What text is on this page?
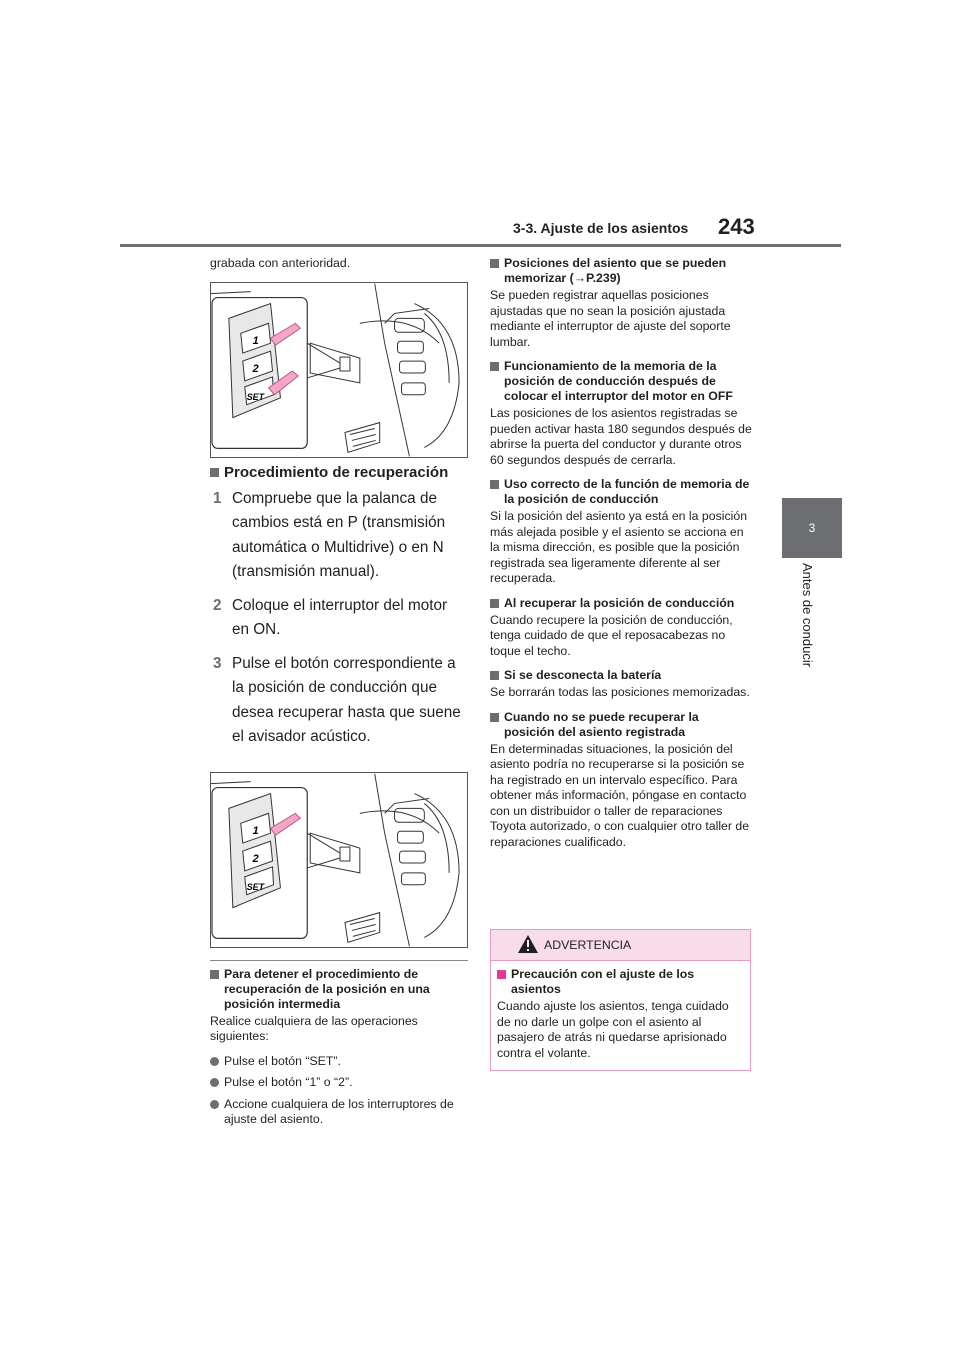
3-3. Ajuste de los asientos 243
3
Antes de conducir

grabada con anterioridad.

1
2
SET
Procedimiento de recuperación
1 Compruebe que la palanca de cambios está en P (transmisión automática o Multidrive) o en N (transmisión manual).
2 Coloque el interruptor del motor en ON.
3 Pulse el botón correspondiente a la posición de conducción que desea recuperar hasta que suene el avisador acústico.
1
2
SET
Para detener el procedimiento de recuperación de la posición en una posición intermedia

Realice cualquiera de las operaciones siguientes:

Pulse el botón “SET”.
Pulse el botón “1” o “2”.
Accione cualquiera de los interruptores de ajuste del asiento.
Posiciones del asiento que se pueden memorizar (→P.239)

Se pueden registrar aquellas posiciones ajustadas que no sean la posición ajustada mediante el interruptor de ajuste del soporte lumbar.

Funcionamiento de la memoria de la posición de conducción después de colocar el interruptor del motor en OFF

Las posiciones de los asientos registradas se pueden activar hasta 180 segundos después de abrirse la puerta del conductor y durante otros 60 segundos después de cerrarla.

Uso correcto de la función de memoria de la posición de conducción

Si la posición del asiento ya está en la posición más alejada posible y el asiento se acciona en la misma dirección, es posible que la posición registrada sea ligeramente diferente al ser recuperada.

Al recuperar la posición de conducción

Cuando recupere la posición de conducción, tenga cuidado de que el reposacabezas no toque el techo.

Si se desconecta la batería

Se borrarán todas las posiciones memorizadas.

Cuando no se puede recuperar la posición del asiento registrada

En determinadas situaciones, la posición del asiento podría no recuperarse si la posición se ha registrado en un intervalo específico. Para obtener más información, póngase en contacto con un distribuidor o taller de reparaciones Toyota autorizado, o con cualquier otro taller de reparaciones cualificado.

ADVERTENCIA
Precaución con el ajuste de los asientos

Cuando ajuste los asientos, tenga cuidado de no darle un golpe con el asiento al pasajero de atrás ni quedarse aprisionado contra el volante.
